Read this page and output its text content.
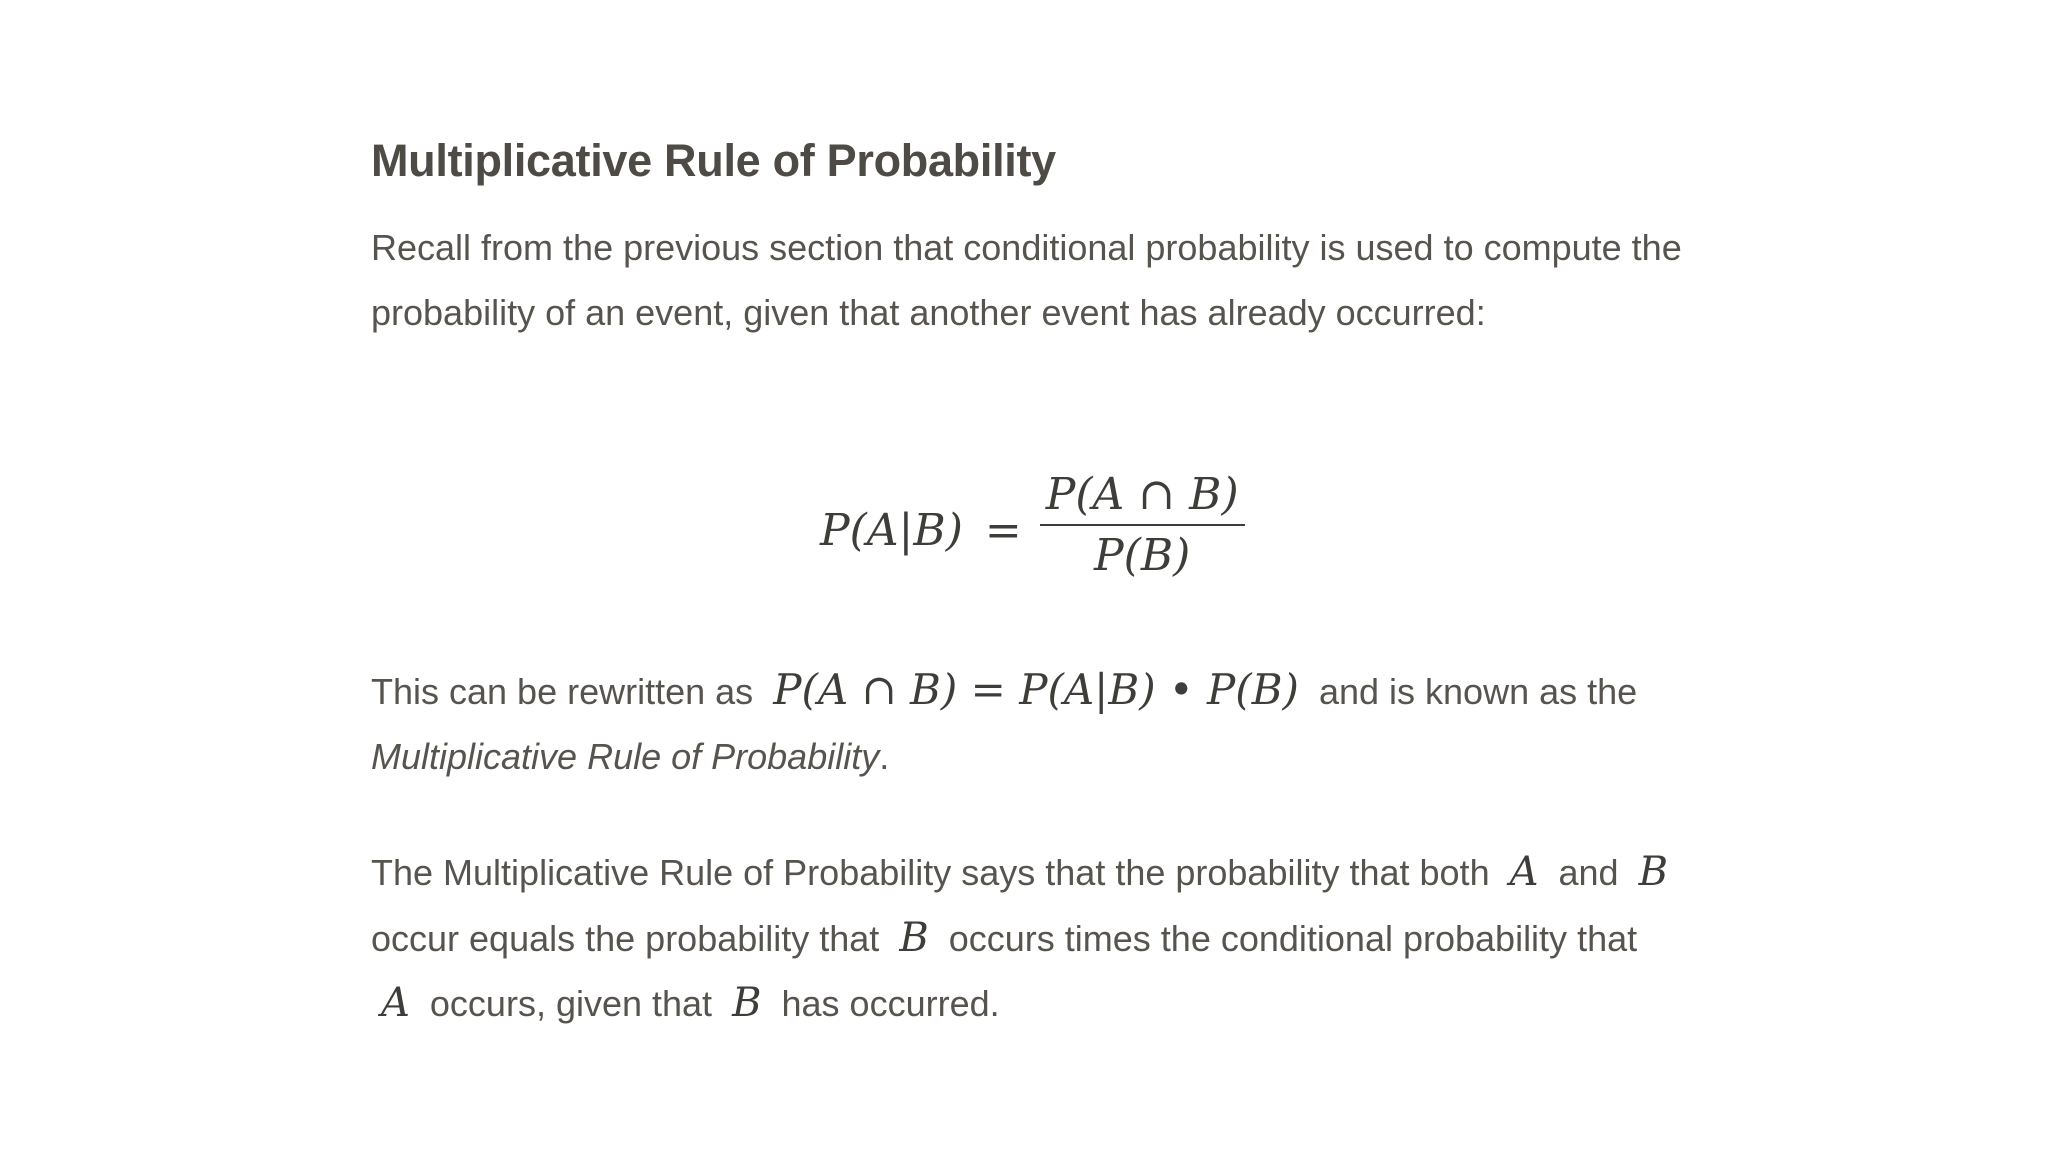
Multiplicative Rule of Probability

Recall from the previous section that conditional probability is used to compute the probability of an event, given that another event has already occurred:

$P(A|B) = \frac{P(A \cap B)}{P(B)}$

This can be rewritten as P(A ∩ B) = P(A|B) • P(B) and is known as the Multiplicative Rule of Probability.

The Multiplicative Rule of Probability says that the probability that both A and B occur equals the probability that B occurs times the conditional probability that A occurs, given that B has occurred.
